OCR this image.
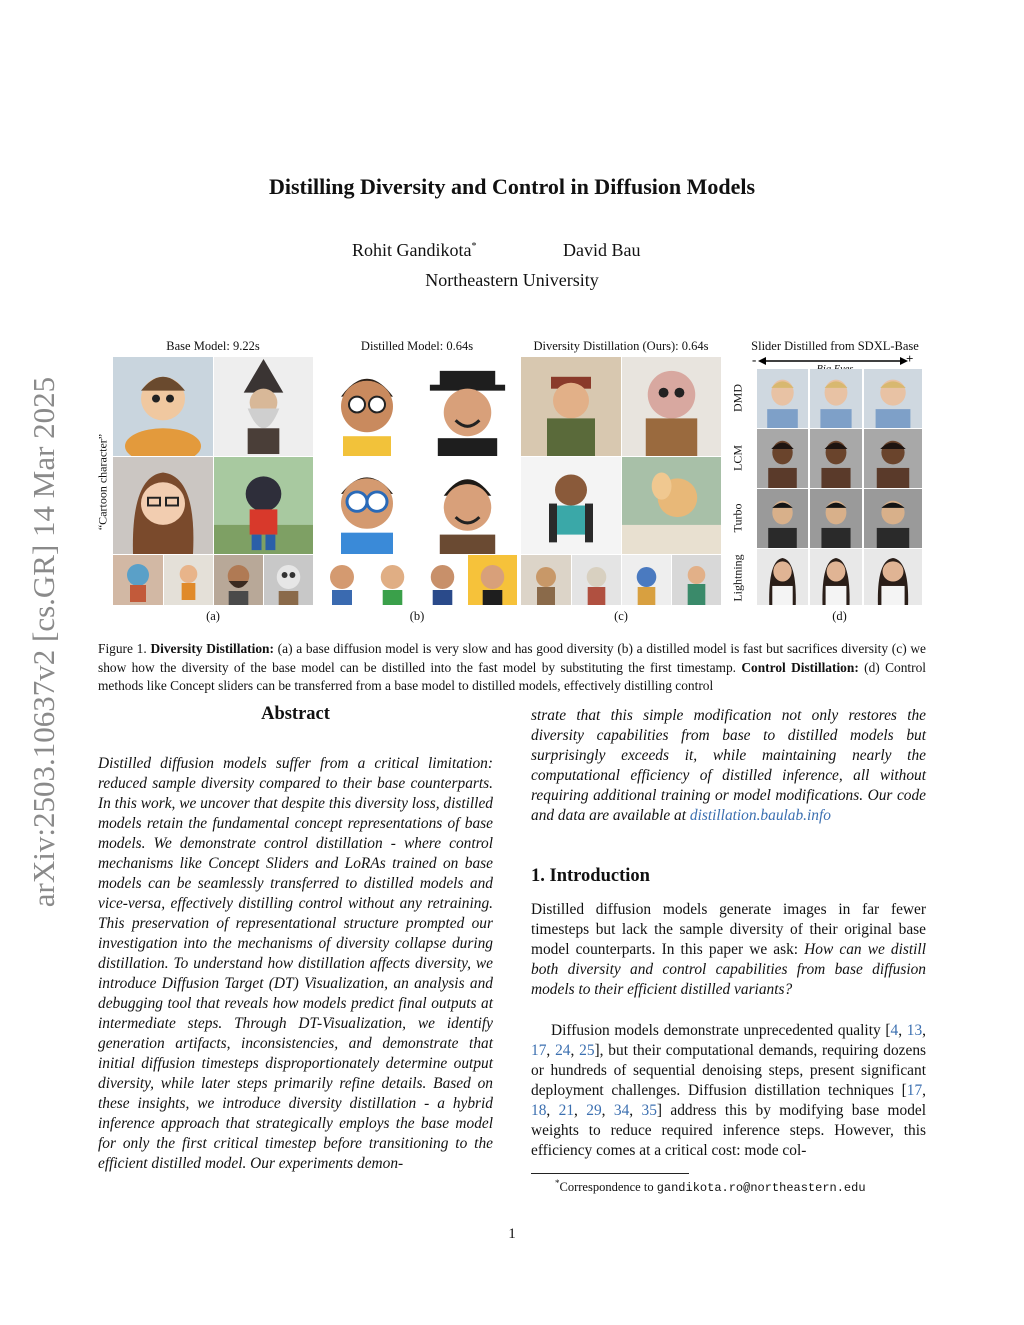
arXiv:2503.10637v2 [cs.GR] 14 Mar 2025
Distilling Diversity and Control in Diffusion Models
Rohit Gandikota*	David Bau
Northeastern University
Base Model: 9.22s	Distilled Model: 0.64s	Diversity Distillation (Ours): 0.64s	Slider Distilled from SDXL-Base
-	+
“Cartoon character”
DMD
LCM
Turbo
Lightning
(a)	(b)	(c)	(d)
Figure 1. Diversity Distillation: (a) a base diffusion model is very slow and has good diversity (b) a distilled model is fast but sacrifices diversity (c) we show how the diversity of the base model can be distilled into the fast model by substituting the first timestamp. Control Distillation: (d) Control methods like Concept sliders can be transferred from a base model to distilled models, effectively distilling control
Abstract
Distilled diffusion models suffer from a critical limitation: reduced sample diversity compared to their base counterparts. In this work, we uncover that despite this diversity loss, distilled models retain the fundamental concept representations of base models. We demonstrate control distillation - where control mechanisms like Concept Sliders and LoRAs trained on base models can be seamlessly transferred to distilled models and vice-versa, effectively distilling control without any retraining. This preservation of representational structure prompted our investigation into the mechanisms of diversity collapse during distillation. To understand how distillation affects diversity, we introduce Diffusion Target (DT) Visualization, an analysis and debugging tool that reveals how models predict final outputs at intermediate steps. Through DT-Visualization, we identify generation artifacts, inconsistencies, and demonstrate that initial diffusion timesteps disproportionately determine output diversity, while later steps primarily refine details. Based on these insights, we introduce diversity distillation - a hybrid inference approach that strategically employs the base model for only the first critical timestep before transitioning to the efficient distilled model. Our experiments demon-
strate that this simple modification not only restores the diversity capabilities from base to distilled models but surprisingly exceeds it, while maintaining nearly the computational efficiency of distilled inference, all without requiring additional training or model modifications. Our code and data are available at distillation.baulab.info
1. Introduction
Distilled diffusion models generate images in far fewer timesteps but lack the sample diversity of their original base model counterparts. In this paper we ask: How can we distill both diversity and control capabilities from base diffusion models to their efficient distilled variants?
Diffusion models demonstrate unprecedented quality [4, 13, 17, 24, 25], but their computational demands, requiring dozens or hundreds of sequential denoising steps, present significant deployment challenges. Diffusion distillation techniques [17, 18, 21, 29, 34, 35] address this by modifying base model weights to reduce required inference steps. However, this efficiency comes at a critical cost: mode col-
*Correspondence to gandikota.ro@northeastern.edu
1
